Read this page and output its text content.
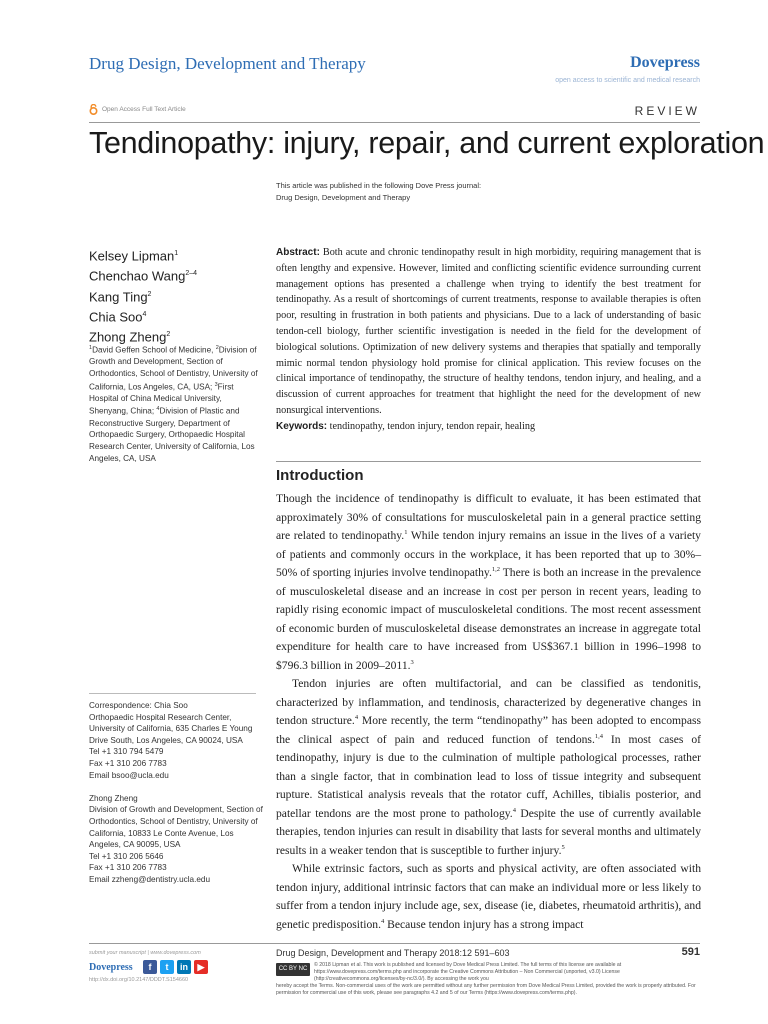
Drug Design, Development and Therapy	Dovepress
open access to scientific and medical research
Open Access Full Text Article	REVIEW
Tendinopathy: injury, repair, and current exploration
This article was published in the following Dove Press journal:
Drug Design, Development and Therapy
Kelsey Lipman$^1$
Chenchao Wang$^{2-4}$
Kang Ting$^2$
Chia Soo$^4$
Zhong Zheng$^2$
$^1$David Geffen School of Medicine, $^2$Division of Growth and Development, Section of Orthodontics, School of Dentistry, University of California, Los Angeles, CA, USA; $^3$First Hospital of China Medical University, Shenyang, China; $^4$Division of Plastic and Reconstructive Surgery, Department of Orthopaedic Surgery, Orthopaedic Hospital Research Center, University of California, Los Angeles, CA, USA
Correspondence: Chia Soo
Orthopaedic Hospital Research Center, University of California, 635 Charles E Young Drive South, Los Angeles, CA 90024, USA
Tel +1 310 794 5479
Fax +1 310 206 7783
Email bsoo@ucla.edu
Zhong Zheng
Division of Growth and Development, Section of Orthodontics, School of Dentistry, University of California, 10833 Le Conte Avenue, Los Angeles, CA 90095, USA
Tel +1 310 206 5646
Fax +1 310 206 7783
Email zzheng@dentistry.ucla.edu
Abstract: Both acute and chronic tendinopathy result in high morbidity, requiring management that is often lengthy and expensive. However, limited and conflicting scientific evidence surrounding current management options has presented a challenge when trying to identify the best treatment for tendinopathy. As a result of shortcomings of current treatments, response to available therapies is often poor, resulting in frustration in both patients and physicians. Due to a lack of understanding of basic tendon-cell biology, further scientific investigation is needed in the field for the development of biological solutions. Optimization of new delivery systems and therapies that spatially and temporally mimic normal tendon physiology hold promise for clinical application. This review focuses on the clinical importance of tendinopathy, the structure of healthy tendons, tendon injury, and healing, and a discussion of current approaches for treatment that highlight the need for the development of new nonsurgical interventions.
Keywords: tendinopathy, tendon injury, tendon repair, healing
Introduction

Though the incidence of tendinopathy is difficult to evaluate, it has been estimated that approximately 30% of consultations for musculoskeletal pain in a general practice setting are related to tendinopathy.$^1$ While tendon injury remains an issue in the lives of a variety of patients and commonly occurs in the workplace, it has been reported that up to 30%–50% of sporting injuries involve tendinopathy.$^{1,2}$ There is both an increase in the prevalence of musculoskeletal disease and an increase in cost per person in recent years, leading to rapidly rising economic impact of musculoskeletal conditions. The most recent assessment of economic burden of musculoskeletal disease demonstrates an increase in aggregate total expenditure for health care to have increased from US$367.1 billion in 1996–1998 to $796.3 billion in 2009–2011.$^3$

Tendon injuries are often multifactorial, and can be classified as tendonitis, characterized by inflammation, and tendinosis, characterized by degenerative changes in tendon structure.$^4$ More recently, the term “tendinopathy” has been adopted to encompass the clinical aspect of pain and reduced function of tendons.$^{1,4}$ In most cases of tendinopathy, injury is due to the culmination of multiple pathological processes, rather than a single factor, that in combination lead to loss of tissue integrity and subsequent rupture. Statistical analysis reveals that the rotator cuff, Achilles, tibialis posterior, and patellar tendons are the most prone to pathology.$^4$ Despite the use of currently available therapies, tendon injuries can result in disability that lasts for several months and ultimately results in a weaker tendon that is susceptible to further injury.$^5$

While extrinsic factors, such as sports and physical activity, are often associated with tendon injury, additional intrinsic factors that can make an individual more or less likely to suffer from a tendon injury include age, sex, disease (ie, diabetes, rheumatoid arthritis), and genetic predisposition.$^4$ Because tendon injury has a strong impact

submit your manuscript | www.dovepress.com
Dovepress	f	t	in	▶
http://dx.doi.org/10.2147/DDDT.S154660
Drug Design, Development and Therapy 2018:12 591–603	591
CC BY NC
© 2018 Lipman et al. This work is published and licensed by Dove Medical Press Limited. The full terms of this license are available at https://www.dovepress.com/terms.php and incorporate the Creative Commons Attribution – Non Commercial (unported, v3.0) License (http://creativecommons.org/licenses/by-nc/3.0/). By accessing the work you
hereby accept the Terms. Non-commercial uses of the work are permitted without any further permission from Dove Medical Press Limited, provided the work is properly attributed. For permission for commercial use of this work, please see paragraphs 4.2 and 5 of our Terms (https://www.dovepress.com/terms.php).
